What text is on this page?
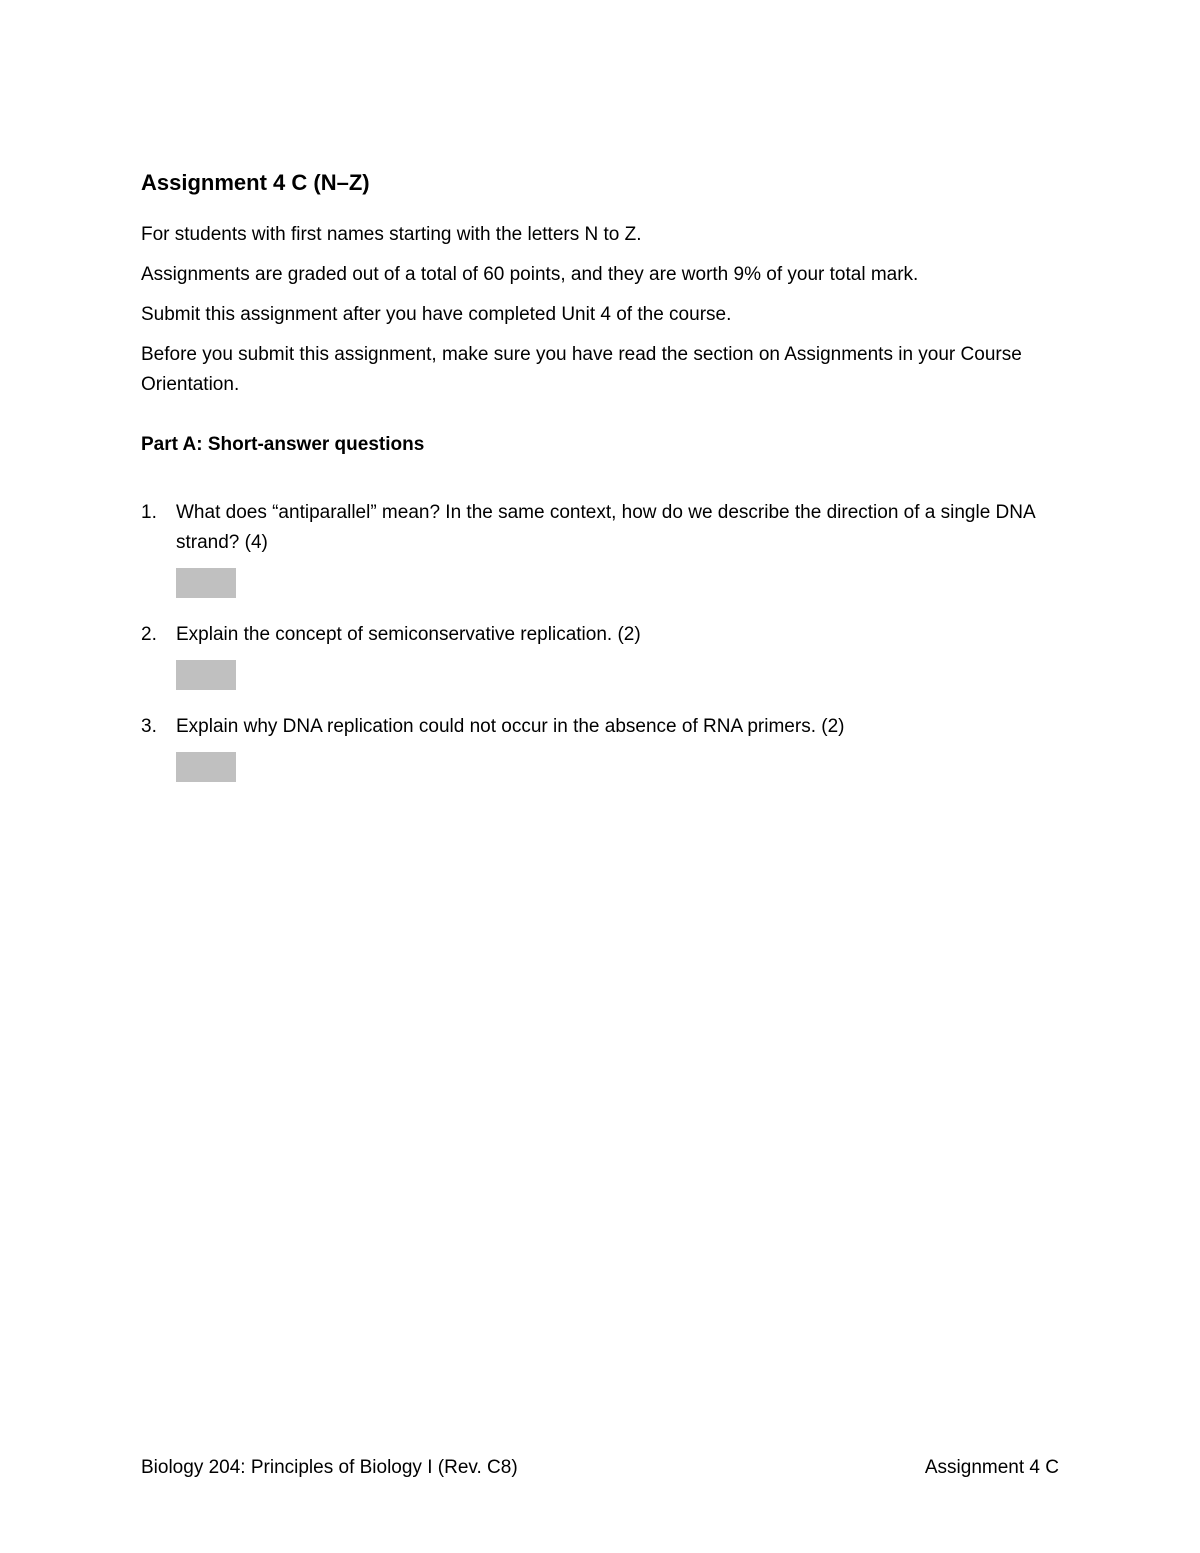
Assignment 4 C (N–Z)

For students with first names starting with the letters N to Z.

Assignments are graded out of a total of 60 points, and they are worth 9% of your total mark.

Submit this assignment after you have completed Unit 4 of the course.

Before you submit this assignment, make sure you have read the section on Assignments in your Course Orientation.

Part A: Short-answer questions
1. What does “antiparallel” mean? In the same context, how do we describe the direction of a single DNA strand? (4)
2. Explain the concept of semiconservative replication. (2)
3. Explain why DNA replication could not occur in the absence of RNA primers. (2)
Biology 204: Principles of Biology I (Rev. C8)	Assignment 4 C
